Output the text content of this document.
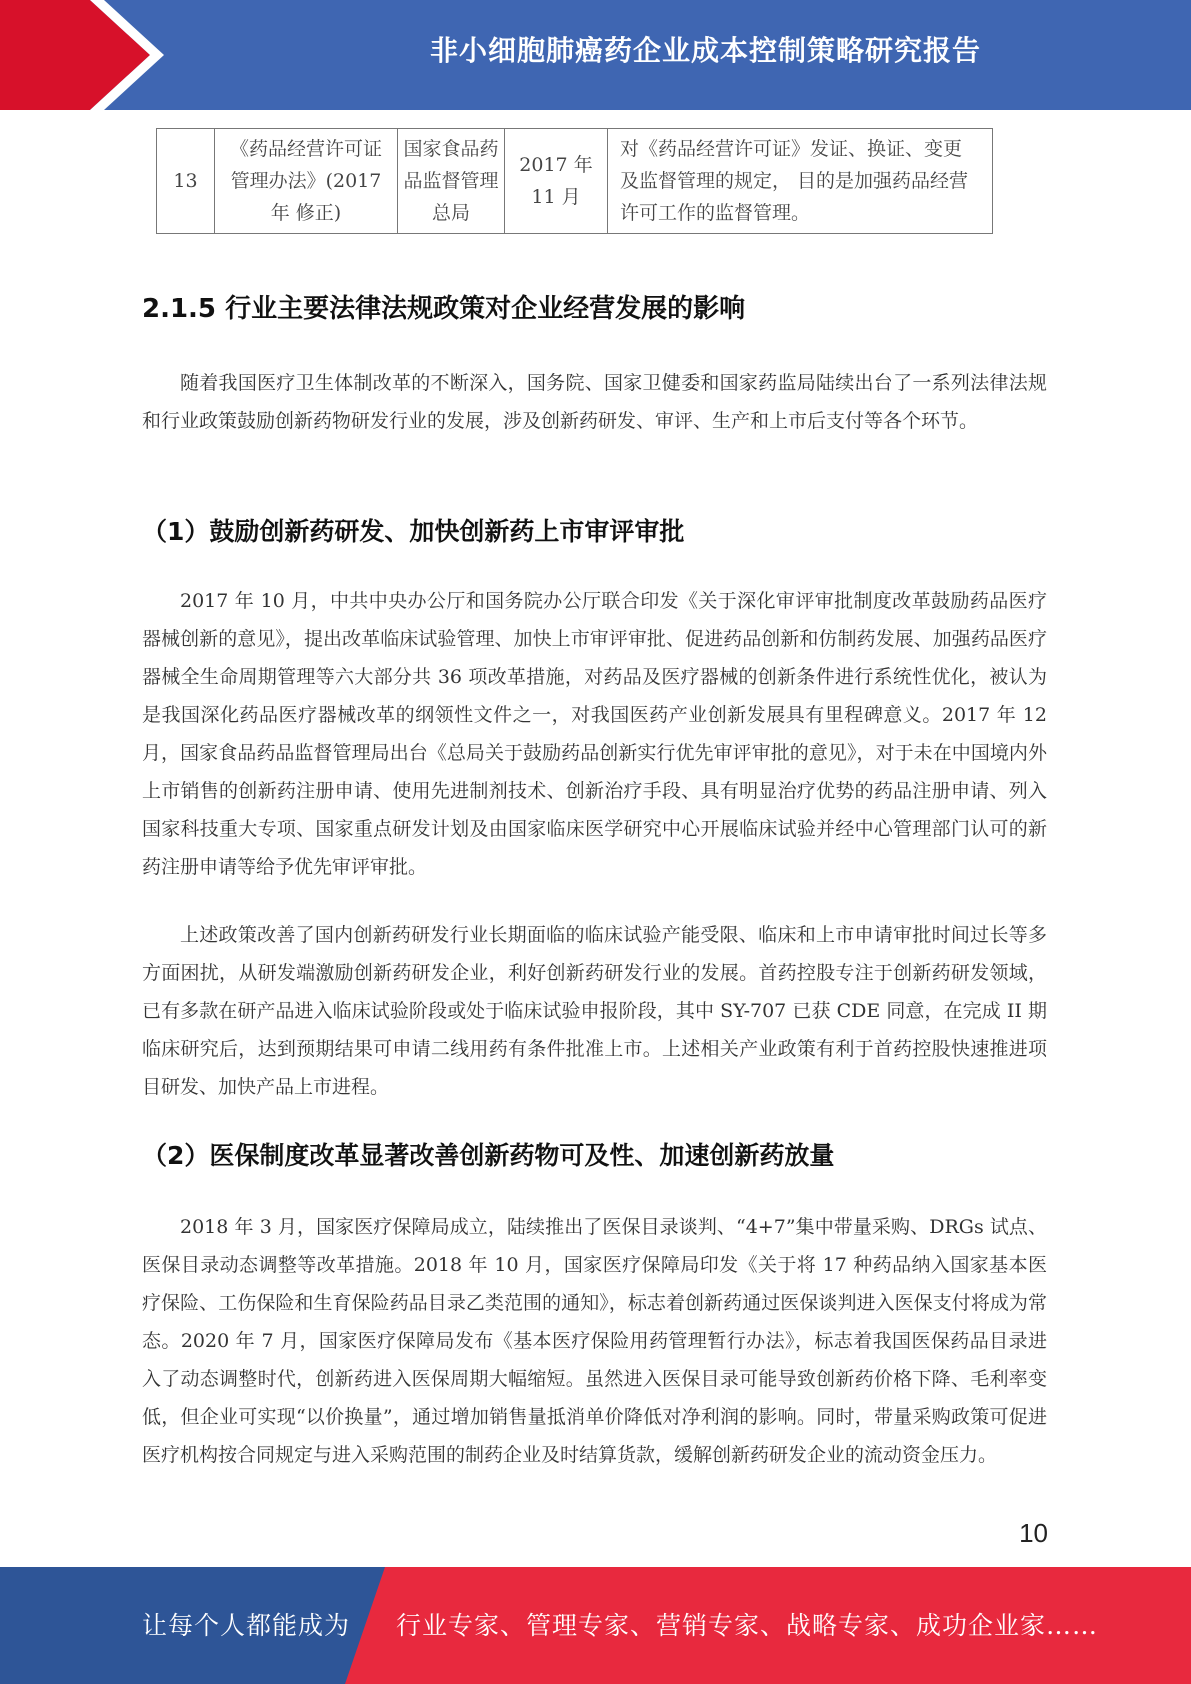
非小细胞肺癌药企业成本控制策略研究报告
13	《药品经营许可证管理办法》(2017 年 修正)	国家食品药品监督管理总局	2017 年 11 月	对《药品经营许可证》发证、换证、变更及监督管理的规定， 目的是加强药品经营许可工作的监督管理。
2.1.5 行业主要法律法规政策对企业经营发展的影响

随着我国医疗卫生体制改革的不断深入，国务院、国家卫健委和国家药监局陆续出台了一系列法律法规和行业政策鼓励创新药物研发行业的发展，涉及创新药研发、审评、生产和上市后支付等各个环节。

（1）鼓励创新药研发、加快创新药上市审评审批

2017 年 10 月，中共中央办公厅和国务院办公厅联合印发《关于深化审评审批制度改革鼓励药品医疗器械创新的意见》，提出改革临床试验管理、加快上市审评审批、促进药品创新和仿制药发展、加强药品医疗器械全生命周期管理等六大部分共 36 项改革措施，对药品及医疗器械的创新条件进行系统性优化，被认为是我国深化药品医疗器械改革的纲领性文件之一，对我国医药产业创新发展具有里程碑意义。2017 年 12 月，国家食品药品监督管理局出台《总局关于鼓励药品创新实行优先审评审批的意见》，对于未在中国境内外上市销售的创新药注册申请、使用先进制剂技术、创新治疗手段、具有明显治疗优势的药品注册申请、列入国家科技重大专项、国家重点研发计划及由国家临床医学研究中心开展临床试验并经中心管理部门认可的新药注册申请等给予优先审评审批。

上述政策改善了国内创新药研发行业长期面临的临床试验产能受限、临床和上市申请审批时间过长等多方面困扰，从研发端激励创新药研发企业，利好创新药研发行业的发展。首药控股专注于创新药研发领域，已有多款在研产品进入临床试验阶段或处于临床试验申报阶段，其中 SY-707 已获 CDE 同意，在完成 II 期临床研究后，达到预期结果可申请二线用药有条件批准上市。上述相关产业政策有利于首药控股快速推进项目研发、加快产品上市进程。

（2）医保制度改革显著改善创新药物可及性、加速创新药放量

2018 年 3 月，国家医疗保障局成立，陆续推出了医保目录谈判、“4+7”集中带量采购、DRGs 试点、医保目录动态调整等改革措施。2018 年 10 月，国家医疗保障局印发《关于将 17 种药品纳入国家基本医疗保险、工伤保险和生育保险药品目录乙类范围的通知》，标志着创新药通过医保谈判进入医保支付将成为常态。2020 年 7 月，国家医疗保障局发布《基本医疗保险用药管理暂行办法》，标志着我国医保药品目录进入了动态调整时代，创新药进入医保周期大幅缩短。虽然进入医保目录可能导致创新药价格下降、毛利率变低，但企业可实现“以价换量”，通过增加销售量抵消单价降低对净利润的影响。同时，带量采购政策可促进医疗机构按合同规定与进入采购范围的制药企业及时结算货款，缓解创新药研发企业的流动资金压力。

10
让每个人都能成为 行业专家、管理专家、营销专家、战略专家、成功企业家……
